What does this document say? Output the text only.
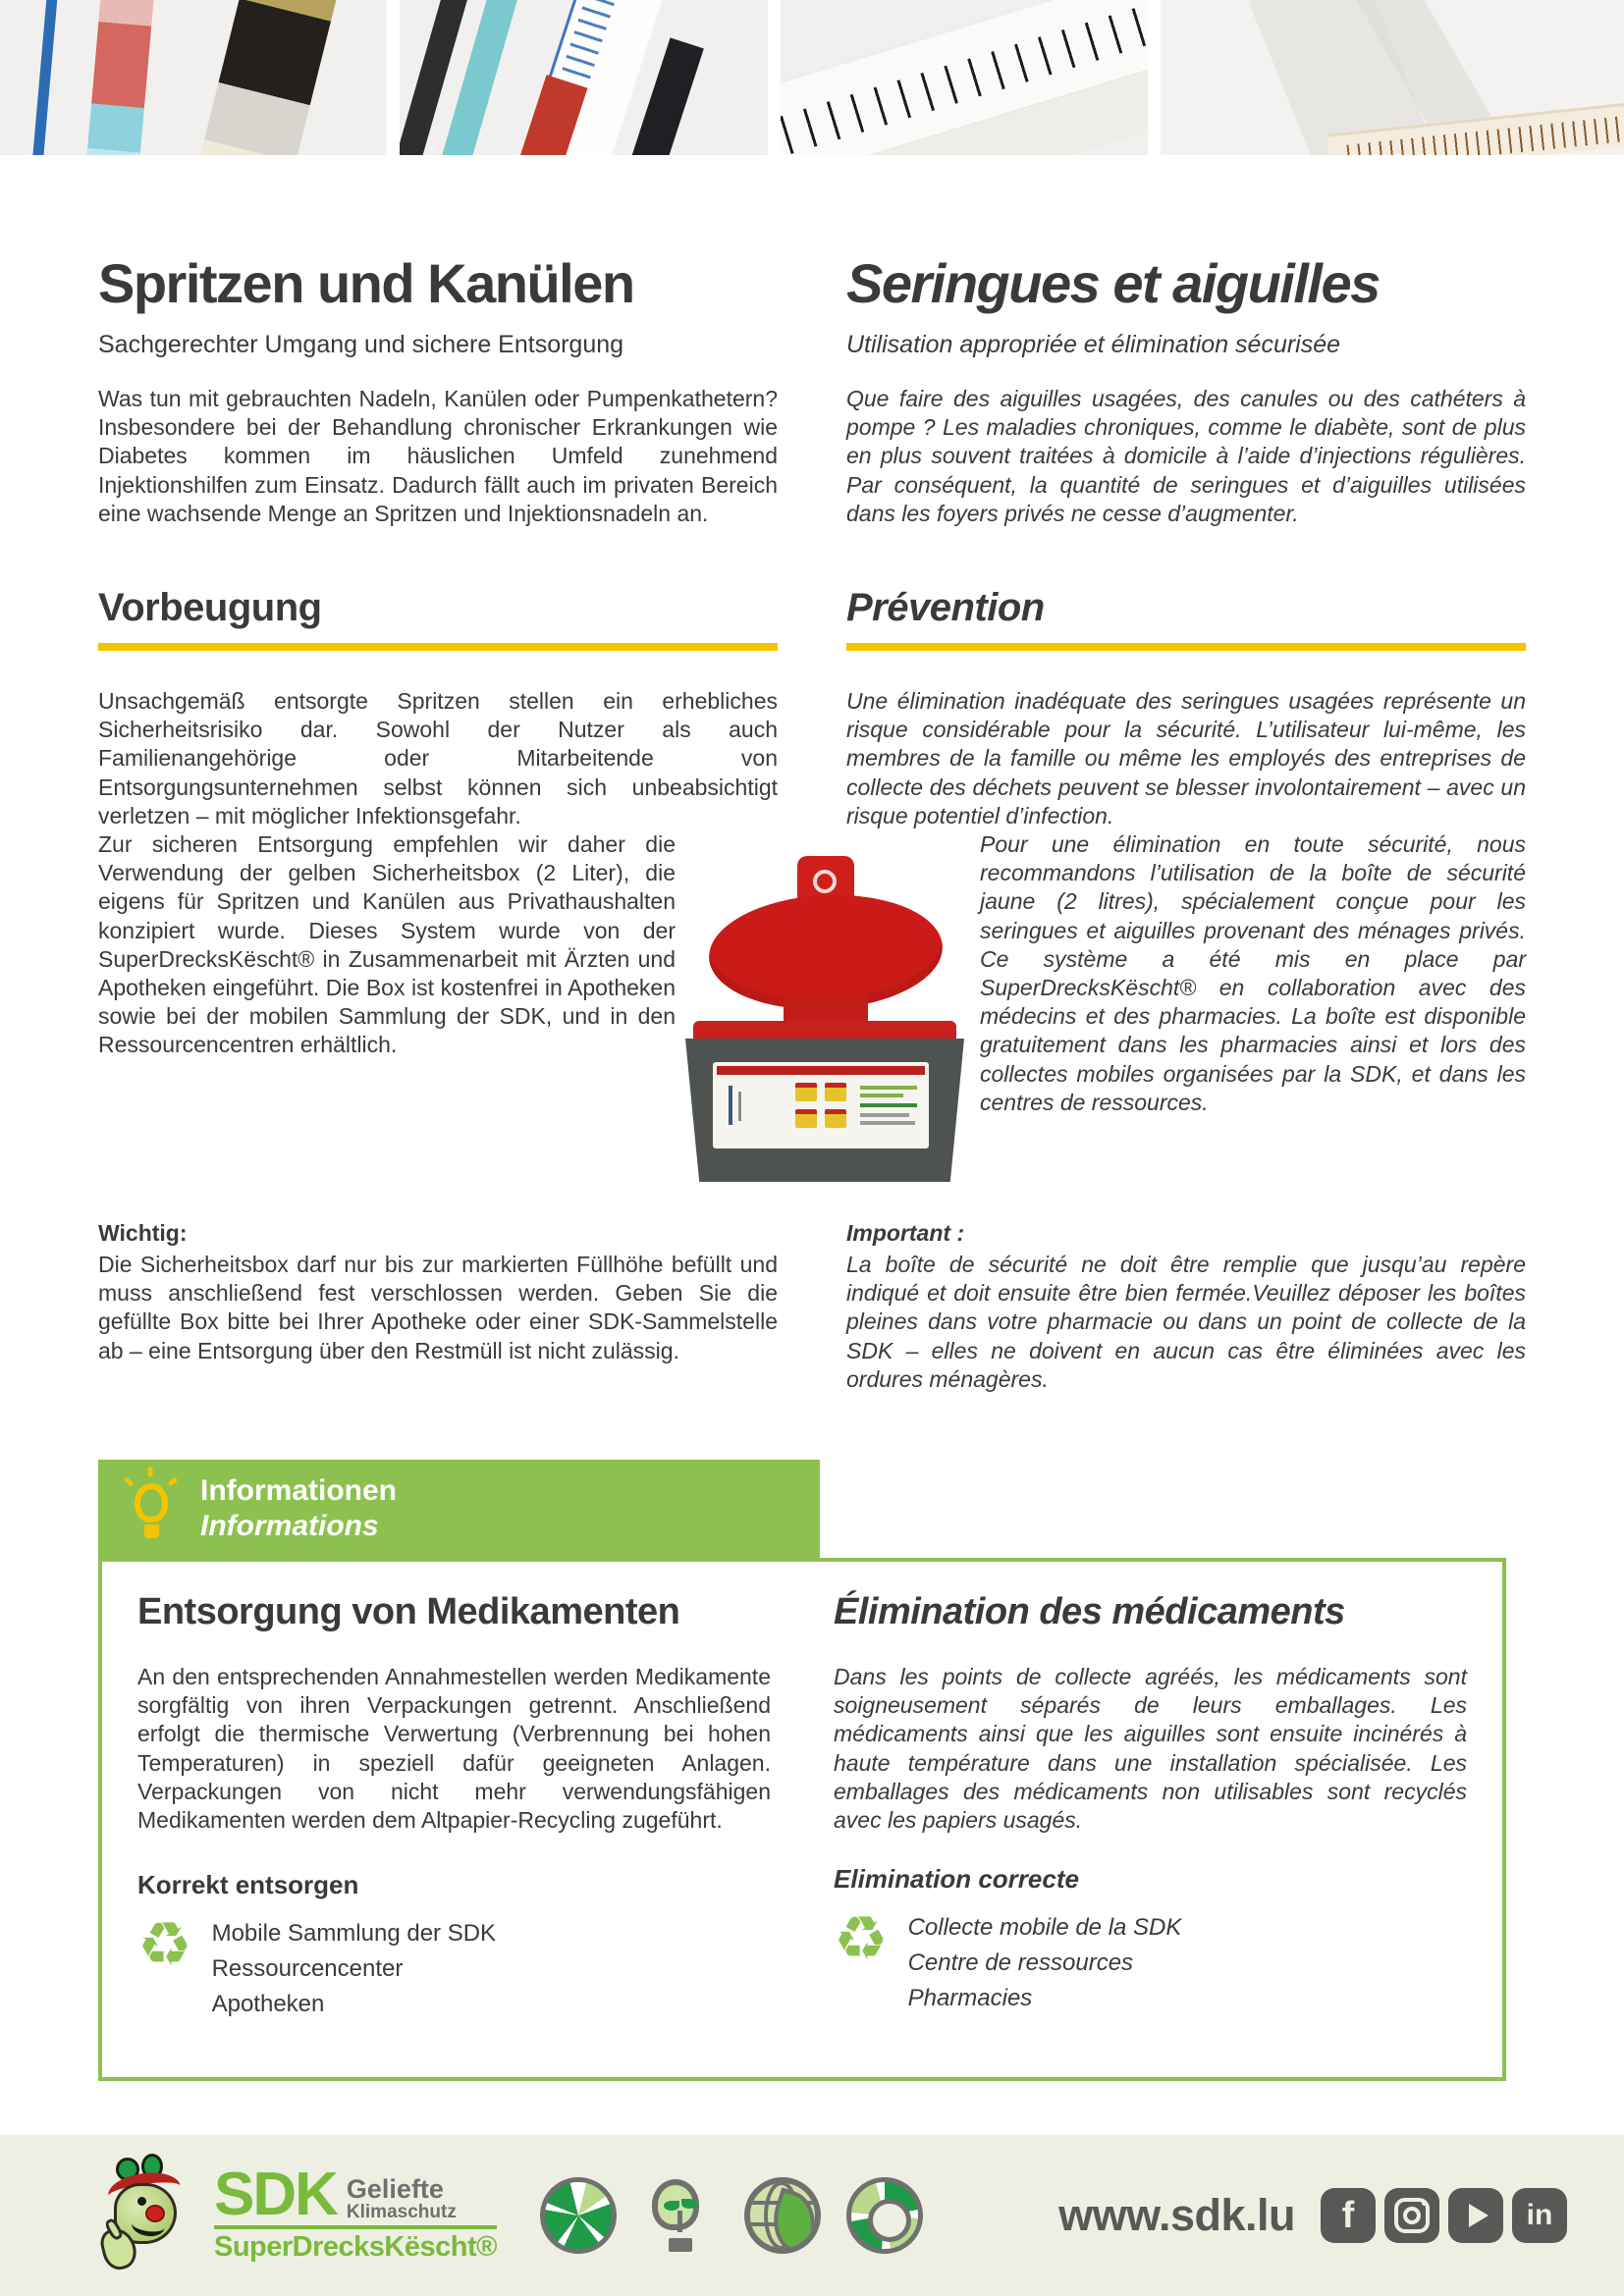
Spritzen und Kanülen

Sachgerechter Umgang und sichere Entsorgung

Was tun mit gebrauchten Nadeln, Kanülen oder Pumpenkathetern? Insbesondere bei der Behandlung chronischer Erkrankungen wie Diabetes kommen im häuslichen Umfeld zunehmend Injektionshilfen zum Einsatz. Dadurch fällt auch im privaten Bereich eine wachsende Menge an Spritzen und Injektionsnadeln an.

Seringues et aiguilles

Utilisation appropriée et élimination sécurisée

Que faire des aiguilles usagées, des canules ou des cathéters à pompe ? Les maladies chroniques, comme le diabète, sont de plus en plus souvent traitées à domicile à l’aide d’injections régulières. Par conséquent, la quantité de seringues et d’aiguilles utilisées dans les foyers privés ne cesse d’augmenter.

Vorbeugung	Prévention

Unsachgemäß entsorgte Spritzen stellen ein erhebliches Sicherheitsrisiko dar. Sowohl der Nutzer als auch Familienangehörige oder Mitarbeitende von Entsorgungsunternehmen selbst können sich unbeabsichtigt verletzen – mit möglicher Infektionsgefahr.

Zur sicheren Entsorgung empfehlen wir daher die Verwendung der gelben Sicherheitsbox (2 Liter), die eigens für Spritzen und Kanülen aus Privathaushalten konzipiert wurde. Dieses System wurde von der SuperDrecksKëscht® in Zusammenarbeit mit Ärzten und Apotheken eingeführt. Die Box ist kostenfrei in Apotheken sowie bei der mobilen Sammlung der SDK, und in den Ressourcencentren erhältlich.

Une élimination inadéquate des seringues usagées représente un risque considérable pour la sécurité. L’utilisateur lui-même, les membres de la famille ou même les employés des entreprises de collecte des déchets peuvent se blesser involontairement – avec un risque potentiel d’infection.

Pour une élimination en toute sécurité, nous recommandons l’utilisation de la boîte de sécurité jaune (2 litres), spécialement conçue pour les seringues et aiguilles provenant des ménages privés. Ce système a été mis en place par SuperDrecksKëscht® en collaboration avec des médecins et des pharmacies. La boîte est disponible gratuitement dans les pharmacies ainsi et lors des collectes mobiles organisées par la SDK, et dans les centres de ressources.

Wichtig:

Die Sicherheitsbox darf nur bis zur markierten Füllhöhe befüllt und muss anschließend fest verschlossen werden. Geben Sie die gefüllte Box bitte bei Ihrer Apotheke oder einer SDK-Sammelstelle ab – eine Entsorgung über den Restmüll ist nicht zulässig.

Important :

La boîte de sécurité ne doit être remplie que jusqu’au repère indiqué et doit ensuite être bien fermée.Veuillez déposer les boîtes pleines dans votre pharmacie ou dans un point de collecte de la SDK – elles ne doivent en aucun cas être éliminées avec les ordures ménagères.

Informationen
Informations
Entsorgung von Medikamenten

An den entsprechenden Annahmestellen werden Medikamente sorgfältig von ihren Verpackungen getrennt. Anschließend erfolgt die thermische Verwertung (Verbrennung bei hohen Temperaturen) in speziell dafür geeigneten Anlagen. Verpackungen von nicht mehr verwendungsfähigen Medikamenten werden dem Altpapier-Recycling zugeführt.

Korrekt entsorgen

♻ Mobile Sammlung der SDK
Ressourcencenter
Apotheken
Élimination des médicaments

Dans les points de collecte agréés, les médicaments sont soigneusement séparés de leurs emballages. Les médicaments ainsi que les aiguilles sont ensuite incinérés à haute température dans une installation spécialisée. Les emballages des médicaments non utilisables sont recyclés avec les papiers usagés.

Elimination correcte

♻ Collecte mobile de la SDK
Centre de ressources
Pharmacies
SDK Geliefte
Klimaschutz
SuperDrecksKëscht®
www.sdk.lu f	in
